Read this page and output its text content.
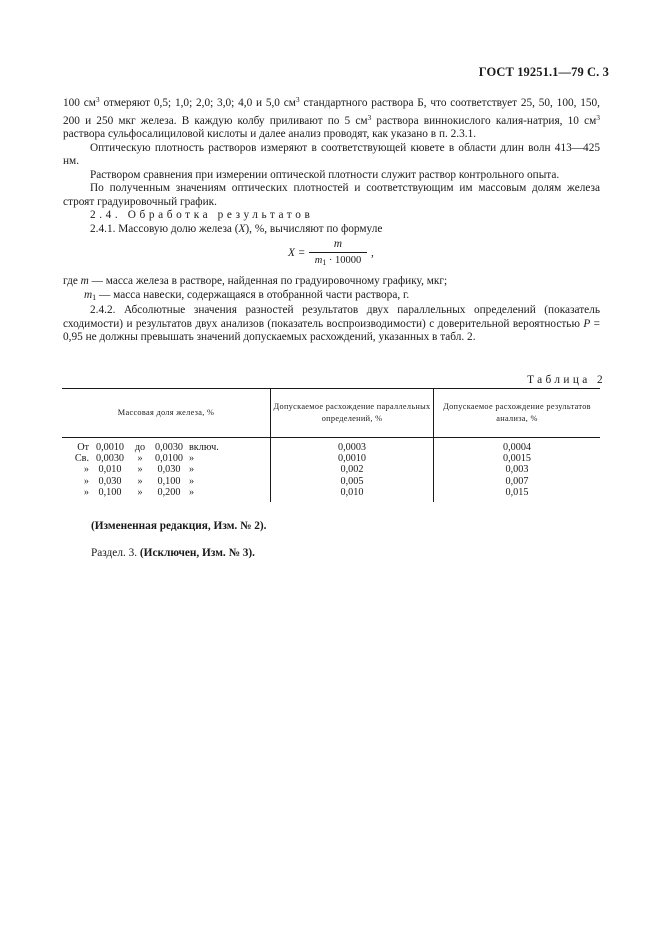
ГОСТ 19251.1—79 С. 3

100 $см^3$ отмеряют 0,5; 1,0; 2,0; 3,0; 4,0 и 5,0 $см^3$ стандартного раствора Б, что соответствует 25, 50, 100, 150, 200 и 250 мкг железа. В каждую колбу приливают по 5 $см^3$ раствора виннокислого калия-натрия, 10 $см^3$ раствора сульфосалициловой кислоты и далее анализ проводят, как указано в п. 2.3.1.

Оптическую плотность растворов измеряют в соответствующей кювете в области длин волн 413—425 нм.

Раствором сравнения при измерении оптической плотности служит раствор контрольного опыта.

По полученным значениям оптических плотностей и соответствующим им массовым долям железа строят градуировочный график.

2.4. Обработка результатов

2.4.1. Массовую долю железа (X), %, вычисляют по формуле

X =
m
$m_1 \cdot 10000$
,

где m — масса железа в растворе, найденная по градуировочному графику, мкг;

$m_1$ — масса навески, содержащаяся в отобранной части раствора, г.

2.4.2. Абсолютные значения разностей результатов двух параллельных определений (показатель сходимости) и результатов двух анализов (показатель воспроизводимости) с доверительной вероятностью P = 0,95 не должны превышать значений допускаемых расхождений, указанных в табл. 2.

Таблица 2
Массовая доля железа, %	Допускаемое расхождение параллельных определений, %	Допускаемое расхождение результатов анализа, %
От 0,0010 до 0,0030 включ.	0,0003	0,0004
Св. 0,0030 » 0,0100 »	0,0010	0,0015
» 0,010 » 0,030 »	0,002	0,003
» 0,030 » 0,100 »	0,005	0,007
» 0,100 » 0,200 »	0,010	0,015
(Измененная редакция, Изм. № 2).
Раздел. 3. (Исключен, Изм. № 3).
